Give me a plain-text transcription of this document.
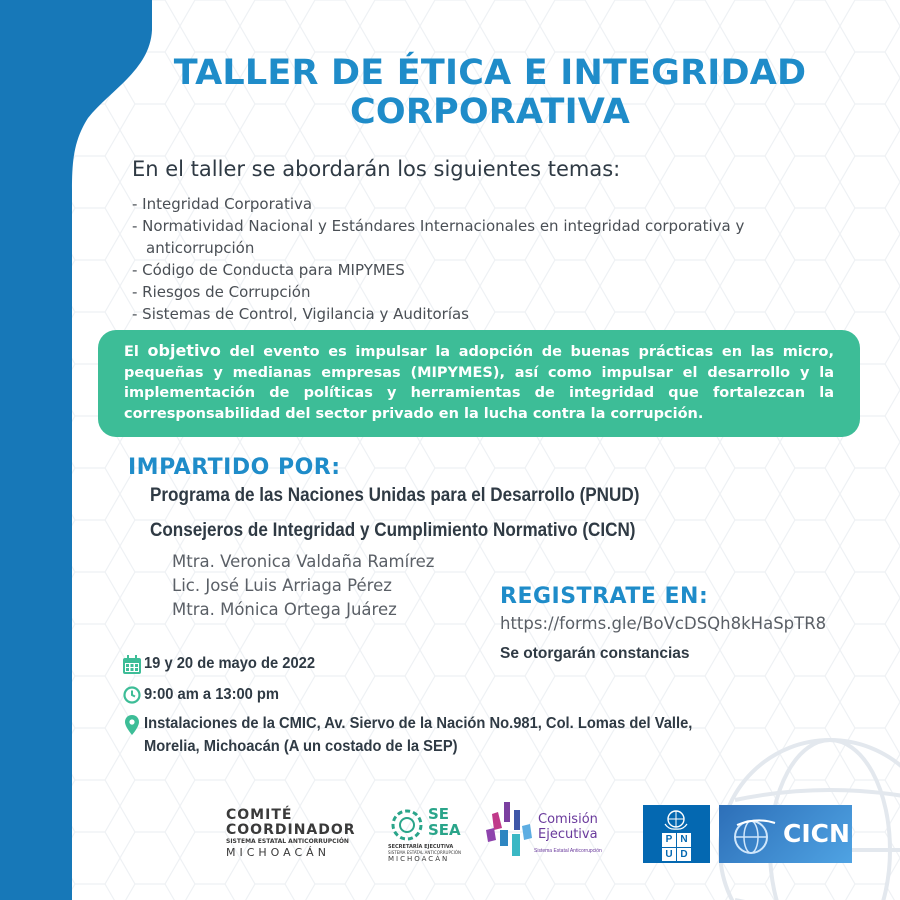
TALLER DE ÉTICA E INTEGRIDAD
CORPORATIVA
En el taller se abordarán los siguientes temas:
- Integridad Corporativa
- Normatividad Nacional y Estándares Internacionales en integridad corporativa y
anticorrupción
- Código de Conducta para MIPYMES
- Riesgos de Corrupción
- Sistemas de Control, Vigilancia y Auditorías
El objetivo del evento es impulsar la adopción de buenas prácticas en las micro, pequeñas y medianas empresas (MIPYMES), así como impulsar el desarrollo y la implementación de políticas y herramientas de integridad que fortalezcan la corresponsabilidad del sector privado en la lucha contra la corrupción.
IMPARTIDO POR:
Programa de las Naciones Unidas para el Desarrollo (PNUD)
Consejeros de Integridad y Cumplimiento Normativo (CICN)
Mtra. Veronica Valdaña Ramírez
Lic. José Luis Arriaga Pérez
Mtra. Mónica Ortega Juárez
REGISTRATE EN:
https://forms.gle/BoVcDSQh8kHaSpTR8
Se otorgarán constancias
19 y 20 de mayo de 2022
9:00 am a 13:00 pm
Instalaciones de la CMIC, Av. Siervo de la Nación No.981, Col. Lomas del Valle,
Morelia, Michoacán (A un costado de la SEP)
COMITÉ
COORDINADOR
SISTEMA ESTATAL ANTICORRUPCIÓN
MICHOACÁN
SE
SEA
SECRETARÍA EJECUTIVA
SISTEMA ESTATAL ANTICORRUPCIÓN
MICHOACÁN
Comisión
Ejecutiva
Sistema Estatal Anticorrupción
P N
U D
CICN
